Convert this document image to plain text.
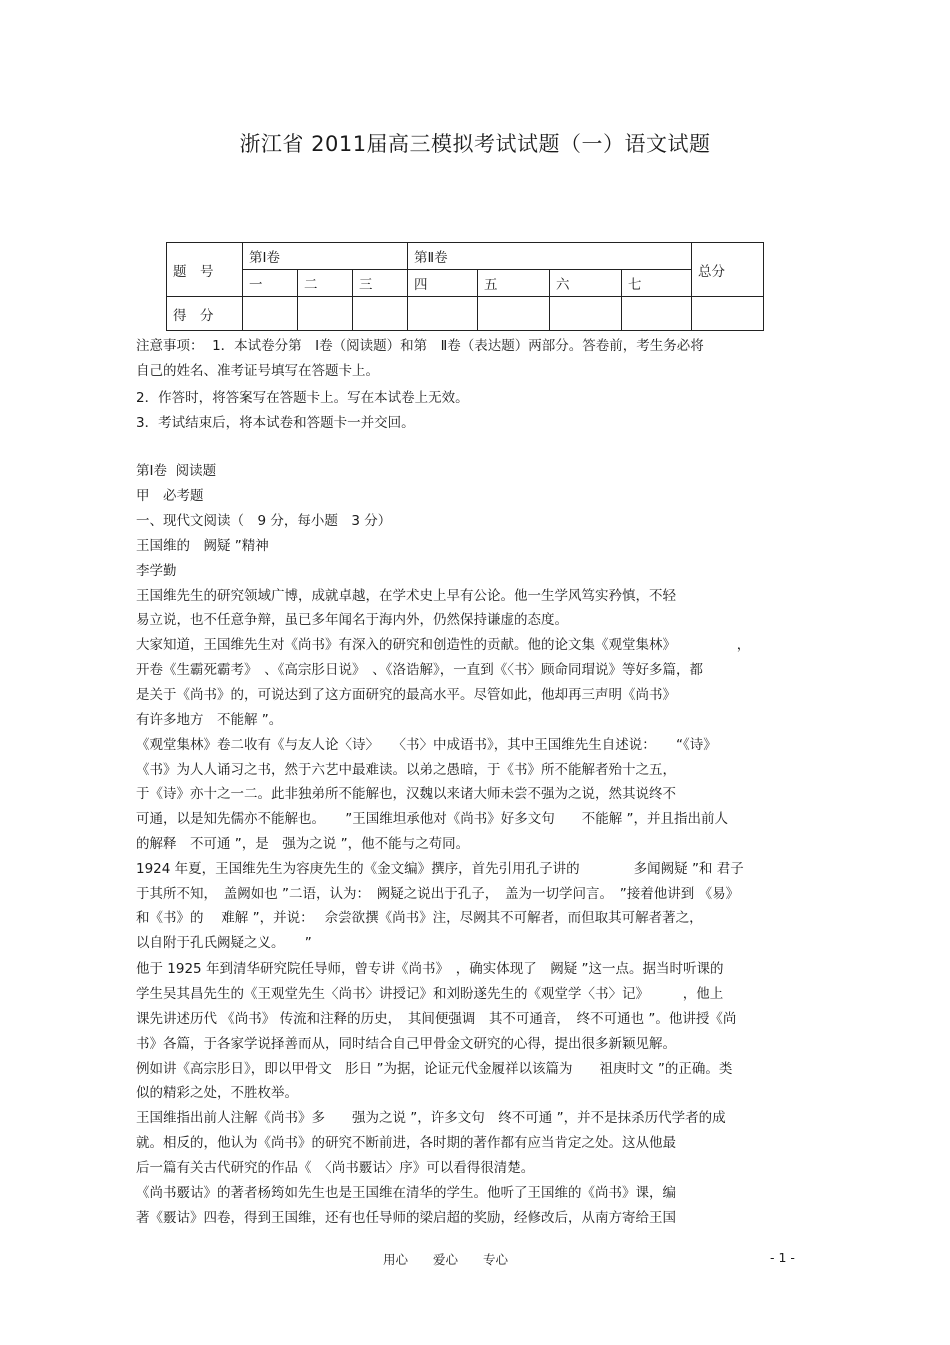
浙江省 2011届高三模拟考试试题（一）语文试题
题　号	第Ⅰ卷			第Ⅱ卷				总分
	一	二	三	四	五	六	七	
得　分								
注意事项：  1．本试卷分第　Ⅰ卷（阅读题）和第　Ⅱ卷（表达题）两部分。答卷前，考生务必将
自己的姓名、准考证号填写在答题卡上。
2．作答时，将答案写在答题卡上。写在本试卷上无效。
3．考试结束后，将本试卷和答题卡一并交回。
第Ⅰ卷  阅读题
甲　必考题
一、现代文阅读（　9 分，每小题　3 分）
王国维的　阙疑 ”精神
李学勤
王国维先生的研究领域广博，成就卓越，在学术史上早有公论。他一生学风笃实矜慎，不轻
易立说，也不任意争辩，虽已多年闻名于海内外，仍然保持谦虚的态度。
大家知道，王国维先生对《尚书》有深入的研究和创造性的贡献。他的论文集《观堂集林》　　　　　，
开卷《生霸死霸考》　、《高宗肜日说》　、《洛诰解》，一直到《〈书〉顾命同瑁说》等好多篇，都
是关于《尚书》的，可说达到了这方面研究的最高水平。尽管如此，他却再三声明《尚书》
有许多地方　不能解 ”。
《观堂集林》卷二收有《与友人论〈诗〉　　〈书〉中成语书》，其中王国维先生自述说：　　“《诗》
《书》为人人诵习之书，然于六艺中最难读。以弟之愚暗，于《书》所不能解者殆十之五，
于《诗》亦十之一二。此非独弟所不能解也，汉魏以来诸大师未尝不强为之说，然其说终不
可通，以是知先儒亦不能解也。　　”王国维坦承他对《尚书》好多文句　　不能解 ”，并且指出前人
的解释　不可通 ”，是　强为之说 ”，他不能与之苟同。
1924 年夏，王国维先生为容庚先生的《金文编》撰序，首先引用孔子讲的　　　　多闻阙疑 ”和 君子
于其所不知，　盖阙如也 ”二语，认为：　阙疑之说出于孔子，　盖为一切学问言。　”接着他讲到 《易》
和《书》的　 难解 ”，并说：　 佘尝欲撰《尚书》注，尽阙其不可解者，而但取其可解者著之，
以自附于孔氏阙疑之义。　　”
他于 1925 年到清华研究院任导师，曾专讲《尚书》　，确实体现了　阙疑 ”这一点。据当时听课的
学生吴其昌先生的《王观堂先生〈尚书〉讲授记》和刘盼遂先生的《观堂学〈书〉记》　　　，他上
课先讲述历代 《尚书》 传流和注释的历史，　其间便强调　其不可通音，　终不可通也 ”。他讲授《尚
书》各篇，于各家学说择善而从，同时结合自己甲骨金文研究的心得，提出很多新颖见解。
例如讲《高宗肜日》，即以甲骨文　肜日 ”为据，论证元代金履祥以该篇为　　祖庚时文 ”的正确。类
似的精彩之处，不胜枚举。
王国维指出前人注解《尚书》多　　强为之说 ”，许多文句　终不可通 ”，并不是抹杀历代学者的成
就。相反的，他认为《尚书》的研究不断前进，各时期的著作都有应当肯定之处。这从他最
后一篇有关古代研究的作品《　〈尚书覈诂〉序》可以看得很清楚。
《尚书覈诂》的著者杨筠如先生也是王国维在清华的学生。他听了王国维的《尚书》课，编
著《覈诂》四卷，得到王国维，还有也任导师的梁启超的奖励，经修改后，从南方寄给王国
用心　　爱心　　专心	- 1 -
